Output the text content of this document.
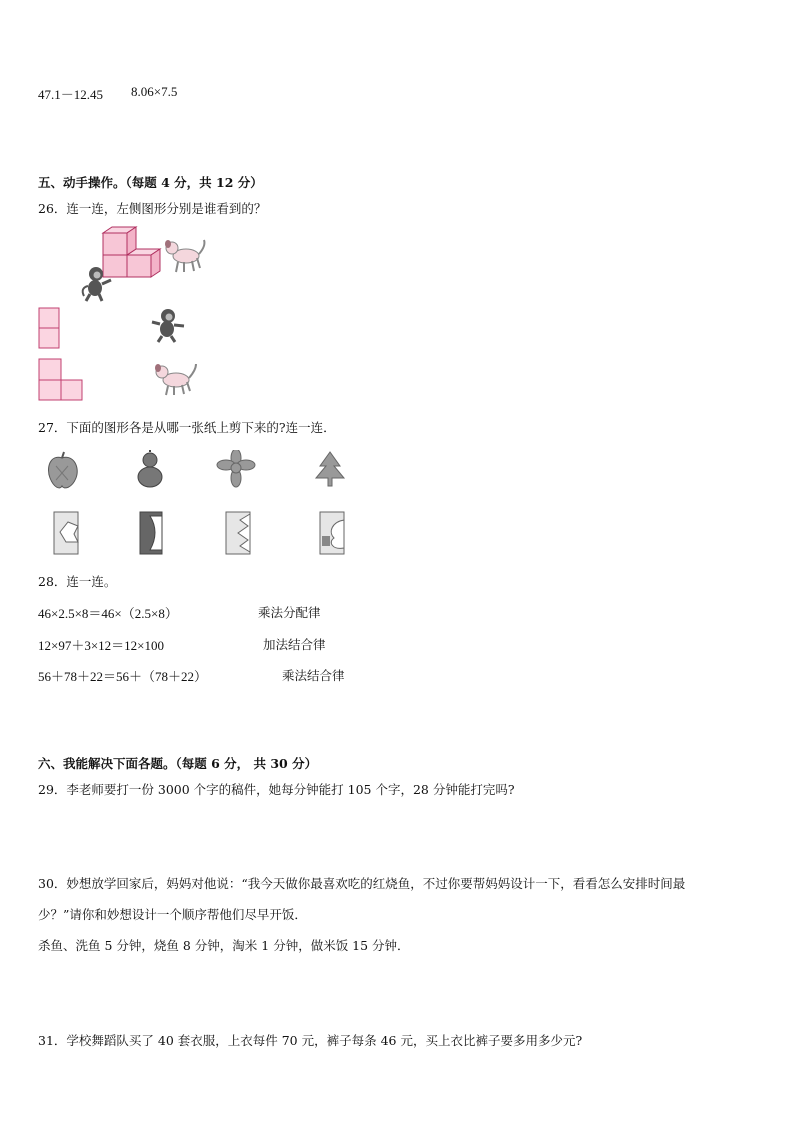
47.1－12.45 8.06×7.5
五、动手操作。（每题 4 分，共 12 分）
26．连一连，左侧图形分别是谁看到的？
27．下面的图形各是从哪一张纸上剪下来的?连一连．
28．连一连。
46×2.5×8＝46×（2.5×8）
12×97＋3×12＝12×100
56＋78＋22＝56＋（78＋22）
乘法分配律
加法结合律
乘法结合律
六、我能解决下面各题。（每题 6 分， 共 30 分）
29．李老师要打一份 3000 个字的稿件，她每分钟能打 105 个字，28 分钟能打完吗?
30．妙想放学回家后，妈妈对他说：“我今天做你最喜欢吃的红烧鱼，不过你要帮妈妈设计一下，看看怎么安排时间最
少？”请你和妙想设计一个顺序帮他们尽早开饭．
杀鱼、洗鱼 5 分钟，烧鱼 8 分钟，淘米 1 分钟，做米饭 15 分钟．
31．学校舞蹈队买了 40 套衣服，上衣每件 70 元，裤子每条 46 元，买上衣比裤子要多用多少元?
